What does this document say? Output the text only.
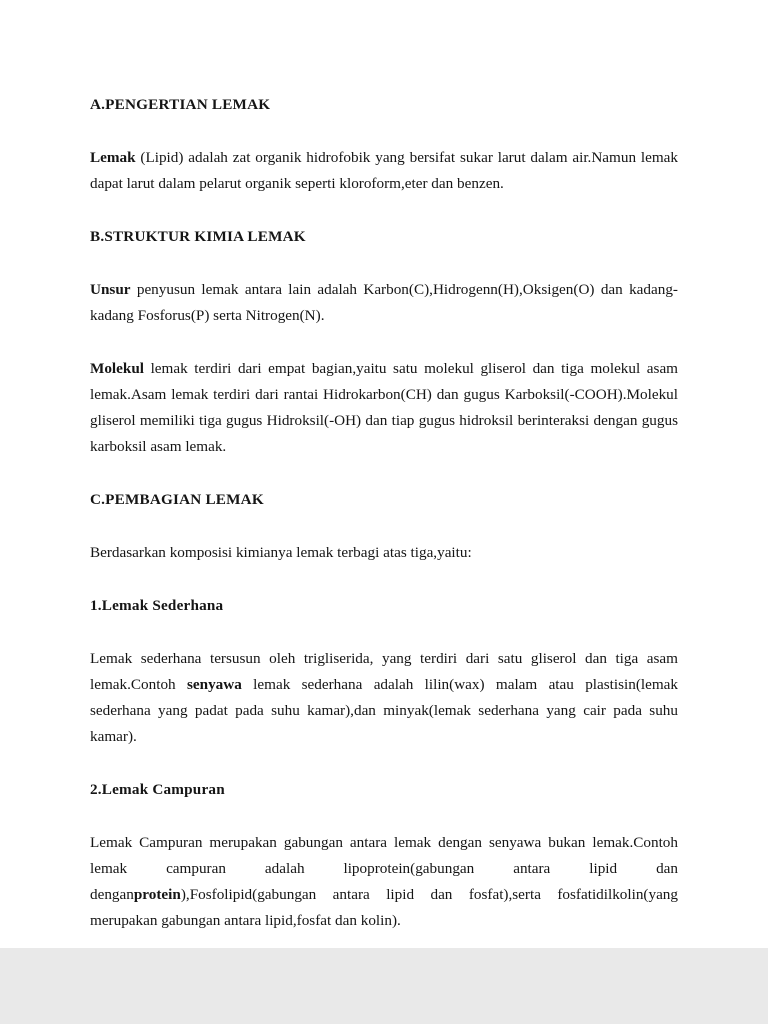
A.PENGERTIAN LEMAK

Lemak (Lipid) adalah zat organik hidrofobik yang bersifat sukar larut dalam air.Namun lemak dapat larut dalam pelarut organik seperti kloroform,eter dan benzen.

B.STRUKTUR KIMIA LEMAK

Unsur penyusun lemak antara lain adalah Karbon(C),Hidrogenn(H),Oksigen(O) dan kadang-kadang Fosforus(P) serta Nitrogen(N).

Molekul lemak terdiri dari empat bagian,yaitu satu molekul gliserol dan tiga molekul asam lemak.Asam lemak terdiri dari rantai Hidrokarbon(CH) dan gugus Karboksil(-COOH).Molekul gliserol memiliki tiga gugus Hidroksil(-OH) dan tiap gugus hidroksil berinteraksi dengan gugus karboksil asam lemak.

C.PEMBAGIAN LEMAK

Berdasarkan komposisi kimianya lemak terbagi atas tiga,yaitu:

1.Lemak Sederhana

Lemak sederhana tersusun oleh trigliserida, yang terdiri dari satu gliserol dan tiga asam lemak.Contoh senyawa lemak sederhana adalah lilin(wax) malam atau plastisin(lemak sederhana yang padat pada suhu kamar),dan minyak(lemak sederhana yang cair pada suhu kamar).

2.Lemak Campuran

Lemak Campuran merupakan gabungan antara lemak dengan senyawa bukan lemak.Contoh lemak campuran adalah lipoprotein(gabungan antara lipid dan denganprotein),Fosfolipid(gabungan antara lipid dan fosfat),serta fosfatidilkolin(yang merupakan gabungan antara lipid,fosfat dan kolin).
